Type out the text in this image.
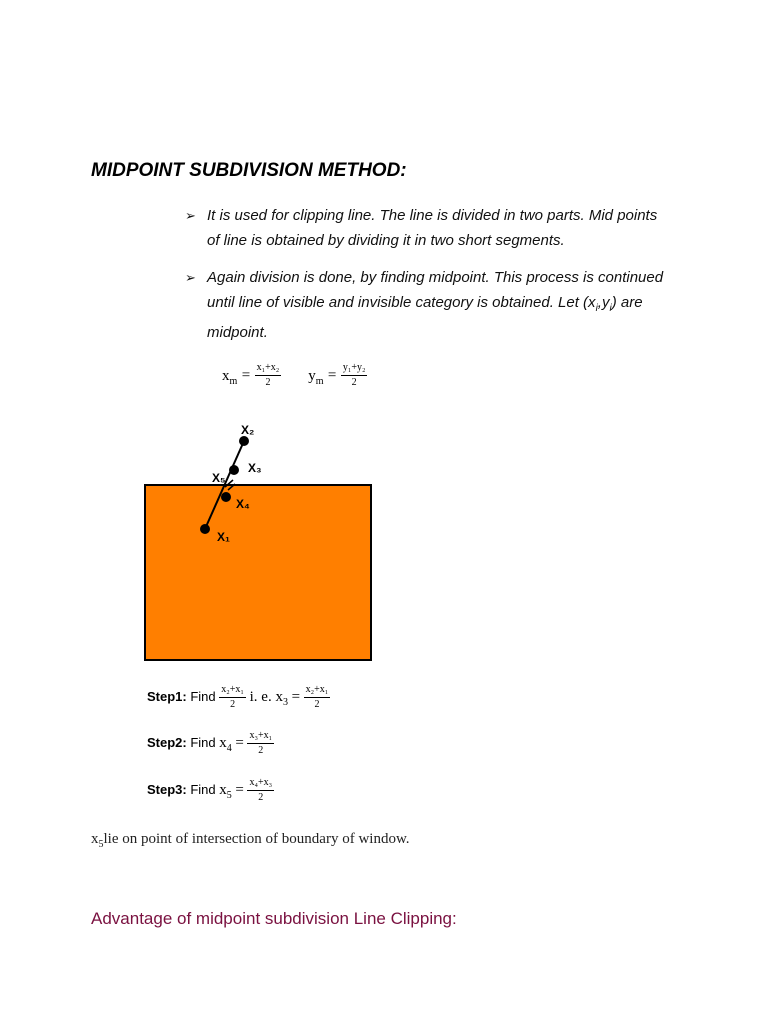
MIDPOINT SUBDIVISION METHOD:
➢ It is used for clipping line. The line is divided in two parts. Mid points
of line is obtained by dividing it in two short segments.
➢ Again division is done, by finding midpoint. This process is continued
until line of visible and invisible category is obtained. Let $(x_i,y_i)$ are
midpoint.
$x_m = \frac{\text{x₁+x₂}}{2} y_m = \frac{\text{y₁+y₂}}{2}$
X₂
X₃
X₅
X₄
X₁
Step1: Find $\frac{\text{x₂+x₁}}{2} i$. e. $x_3 = \frac{\text{x₂+x₁}}{2}$
Step2: Find $x_4 = \frac{\text{x₃+x₁}}{2}$
Step3: Find $x_5 = \frac{\text{x₄+x₃}}{2}$
$x_5lie$ on point of intersection of boundary of window.
Advantage of midpoint subdivision Line Clipping:
